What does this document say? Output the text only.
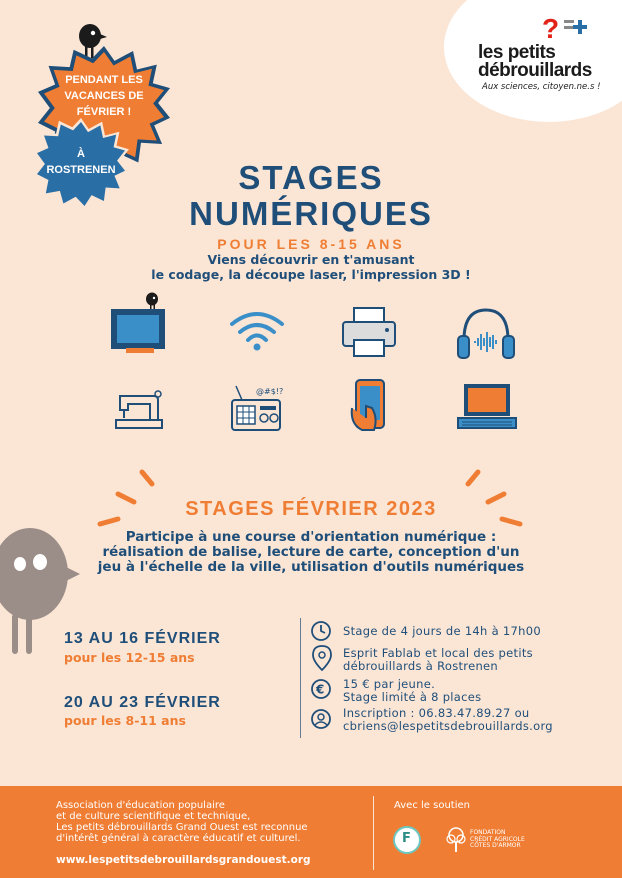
?
les petits
débrouillards
Aux sciences, citoyen.ne.s !
PENDANT LES VACANCES DE FÉVRIER !
À ROSTRENEN	STAGES
NUMÉRIQUES
POUR LES 8-15 ANS
Viens découvrir en t'amusant
le codage, la découpe laser, l'impression 3D !
@#$!?
STAGES FÉVRIER 2023
Participe à une course d'orientation numérique : réalisation de balise, lecture de carte, conception d'un jeu à l'échelle de la ville, utilisation d'outils numériques
13 AU 16 FÉVRIER
pour les 12-15 ans
20 AU 23 FÉVRIER
pour les 8-11 ans
Stage de 4 jours de 14h à 17h00
Esprit Fablab et local des petits
débrouillards à Rostrenen
€ 15 € par jeune.
Stage limité à 8 places
Inscription : 06.83.47.89.27 ou
cbriens@lespetitsdebrouillards.org
Association d'éducation populaire
et de culture scientifique et technique,
Les petits débrouillards Grand Ouest est reconnue
d'intérêt général à caractère éducatif et culturel.
www.lespetitsdebrouillardsgrandouest.org
Avec le soutien
F	FONDATION
CRÉDIT AGRICOLE
CÔTES D'ARMOR
